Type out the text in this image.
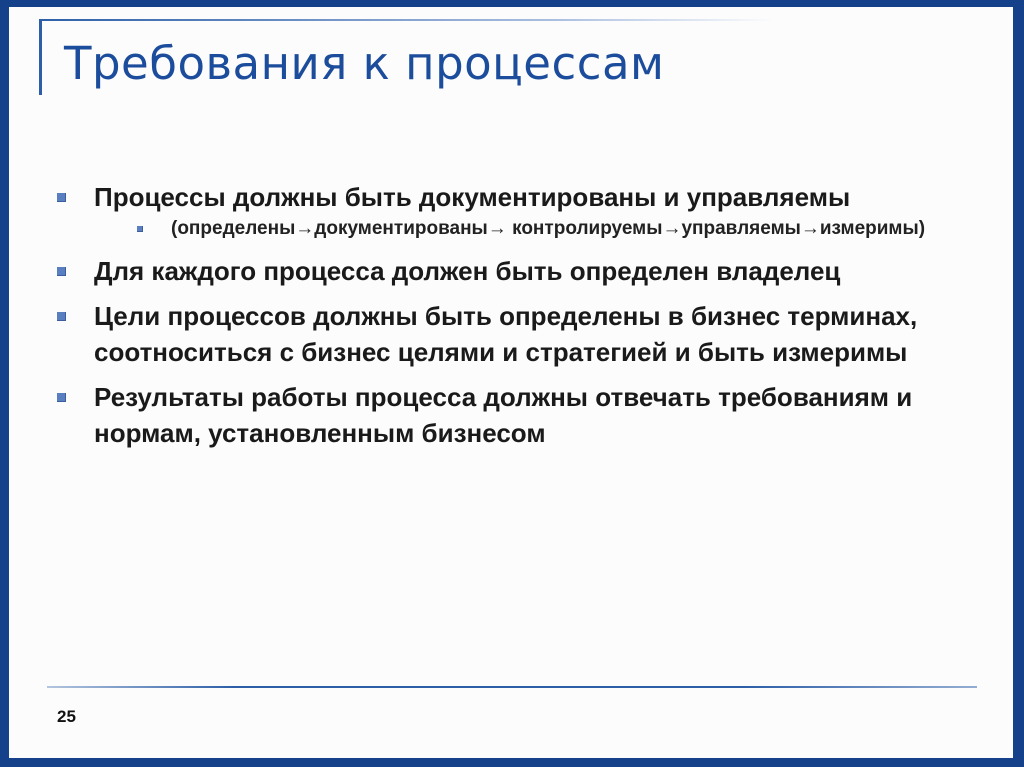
Требования к процессам
Процессы должны быть документированы и управляемы
(определены→документированы→ контролируемы→управляемы→измеримы)
Для каждого процесса должен быть определен владелец
Цели процессов должны быть определены в бизнес терминах, соотноситься с бизнес целями и стратегией и быть измеримы
Результаты работы процесса должны отвечать требованиям и нормам, установленным бизнесом
25
